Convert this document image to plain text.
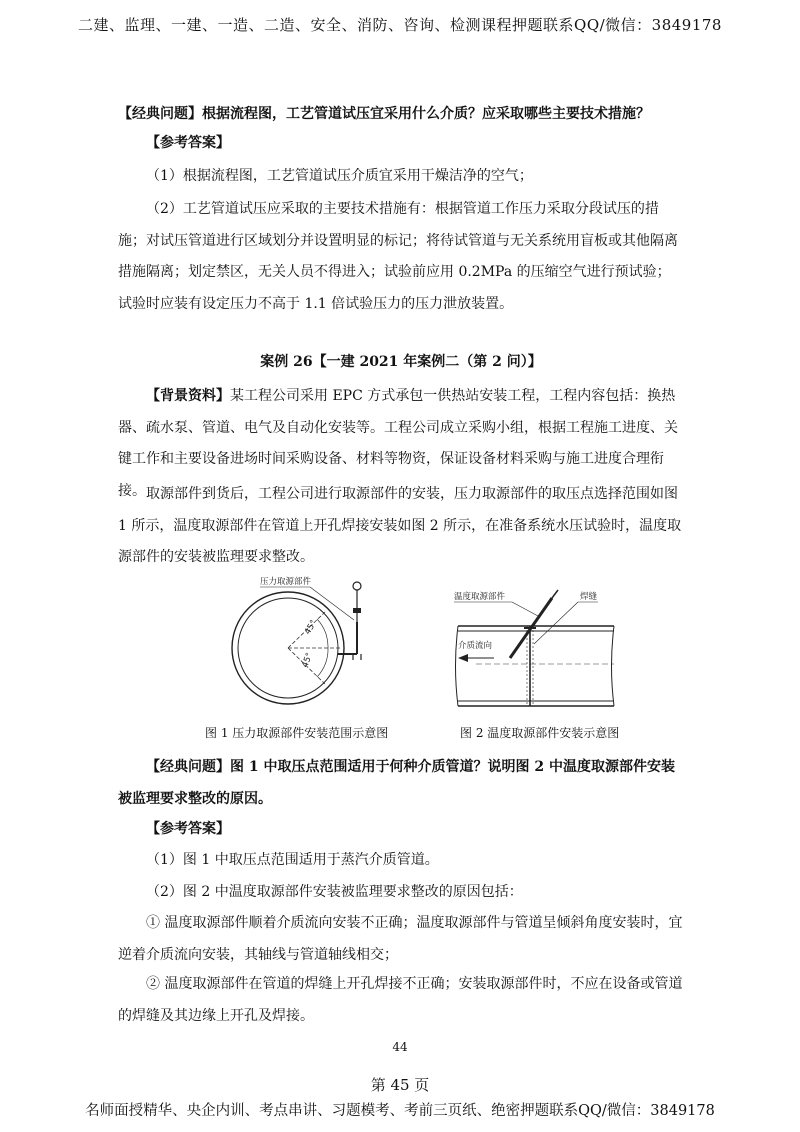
二建、监理、一建、一造、二造、安全、消防、咨询、检测课程押题联系QQ/微信：3849178

【经典问题】根据流程图，工艺管道试压宜采用什么介质？应采取哪些主要技术措施？

【参考答案】

（1）根据流程图，工艺管道试压介质宜采用干燥洁净的空气；

（2）工艺管道试压应采取的主要技术措施有：根据管道工作压力采取分段试压的措施；对试压管道进行区域划分并设置明显的标记；将待试管道与无关系统用盲板或其他隔离措施隔离；划定禁区，无关人员不得进入；试验前应用 0.2MPa 的压缩空气进行预试验；试验时应装有设定压力不高于 1.1 倍试验压力的压力泄放装置。

案例 26【一建 2021 年案例二（第 2 问）】

【背景资料】某工程公司采用 EPC 方式承包一供热站安装工程，工程内容包括：换热器、疏水泵、管道、电气及自动化安装等。工程公司成立采购小组，根据工程施工进度、关键工作和主要设备进场时间采购设备、材料等物资，保证设备材料采购与施工进度合理衔接。 取源部件到货后，工程公司进行取源部件的安装，压力取源部件的取压点选择范围如图 1 所示，温度取源部件在管道上开孔焊接安装如图 2 所示，在准备系统水压试验时，温度取源部件的安装被监理要求整改。

45°
45°
压力取源部件
图 1 压力取源部件安装范围示意图
温度取源部件	焊缝
介质流向
图 2 温度取源部件安装示意图

【经典问题】图 1 中取压点范围适用于何种介质管道？说明图 2 中温度取源部件安装被监理要求整改的原因。

【参考答案】

（1）图 1 中取压点范围适用于蒸汽介质管道。

（2）图 2 中温度取源部件安装被监理要求整改的原因包括：

① 温度取源部件顺着介质流向安装不正确；温度取源部件与管道呈倾斜角度安装时，宜逆着介质流向安装，其轴线与管道轴线相交；

② 温度取源部件在管道的焊缝上开孔焊接不正确；安装取源部件时，不应在设备或管道的焊缝及其边缘上开孔及焊接。

44
第 45 页
名师面授精华、央企内训、考点串讲、习题模考、考前三页纸、绝密押题联系QQ/微信：3849178
